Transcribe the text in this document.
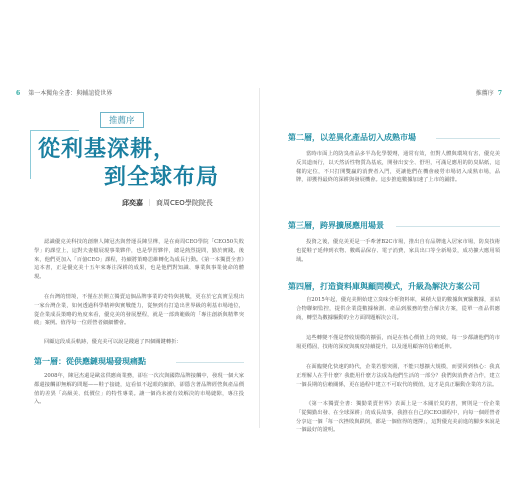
6 第一本獨角全書：與輔誼從世界
推薦序
從利基深耕，
到全球布局
邱奕嘉 ｜ 商周CEO學院院長
認識優克美科技的創辦人陳冠杰與營運長陳昱樺，是在商周CEO學院「CEO50失敗學」的課堂上，這對夫妻檔展現事業夥伴，也是學習夥伴，總是熱烈提問，勤於實踐。後來，他們更加入「百億CEO」課程，持續將策略思維轉化為成長行動。《第一本獨賣全書》這本書，正是優克美十五年來專注深耕的成果，也是他們對知識、專業與事業使命的體現。
在台灣的情境，不僅在於開立獨賣這個品牌事業的奇特與挑戰，更在於它真實呈現出一家台灣企業，如何透過科學精神與實戰能力，從無到有打造出世界級的利基市場地位，從企業成長策略的角度來看，優克美的發展歷程，就是一部典範級的「專注創新與精準突破」案例。值得每一位經營者細細體會。
回顧這段成長軌跡，優克美可以說是踐過了四個關鍵轉折：
第一層：從供應鏈現場發現痛點
2008年，陳冠杰還是歐盆供應商業務，卻在一次次與國際品牌接觸中，發現一個大家都還接觸卻無解的問題——鞋子接縫，這看似不起眼的細節，卻隱含著品牌經營與產品價值的差異「高級美、低價位」的特性專業。讓一個尚未被有效解決的市場縫隙，專注投入。
推薦序 7
第二層，以差異化產品切入成熟市場
當時市面上的防臭產品多半為化學製劑，通常有效，但對人體與環境有害，優克美反其道而行，以天然活性物質為基底，開發出安全、舒坦，可滿足應用的防臭貼紙，這樣的定位，不只打開雙贏的消費者入門，更讓他們在機會疲勞市場切入成熟市場，品牌，卻獲得最終的深耕與發展機會。這步推進數據加速了上市的鋪排。
第三層，跨界擴展應用場景
投資之後，優克美更是一手牽著B2C市場，推出自有品牌進入居家市場，防臭技術也從鞋子延伸到衣物、數碼品保存、電子消費，家具出口等全新場景，成功擴大應用領域。
第四層，打造資料庫與顧問模式，升級為解決方案公司
自2015年起，優克美開始建立臭味分析資料庫，累積大量的數據與實驗數據，並結合物聯網監控，提供企業從數據檢測、產品到服務的整合解決方案，從單一產品供應商，轉型為數據驅動的全方面問題解決公司。
這些轉變不僅是營收規模的擴張，而是在核心價值上的突破，每一步都讓他們的市場更穩固，技術的深度與廣度持續提升，以及運用顧客的信賴延伸。
在面臨變化快速的時代，企業若想突圍，不能只想擴大規模，而要回到核心：我真正理解人在乎什麼？我能用什麼方法成為他們生活的一部分？我們與消費者合作，建立一個長期的信賴關係，更在過程中建立不可取代的價值，這才是真正驅動企業的方法。
《第一本獨賣全書：獨勤業賣世界》表面上是一本關於臭的書，實則是一份企業「從獨勤出發、在全球深耕」的成長故事，我推在自己的CEO課程中，向每一個經營者分享這一個「每一次挫敗與跌倒，都是一個值得的選擇」，這對優克美前進的腳步來說是一個最好的證明。
